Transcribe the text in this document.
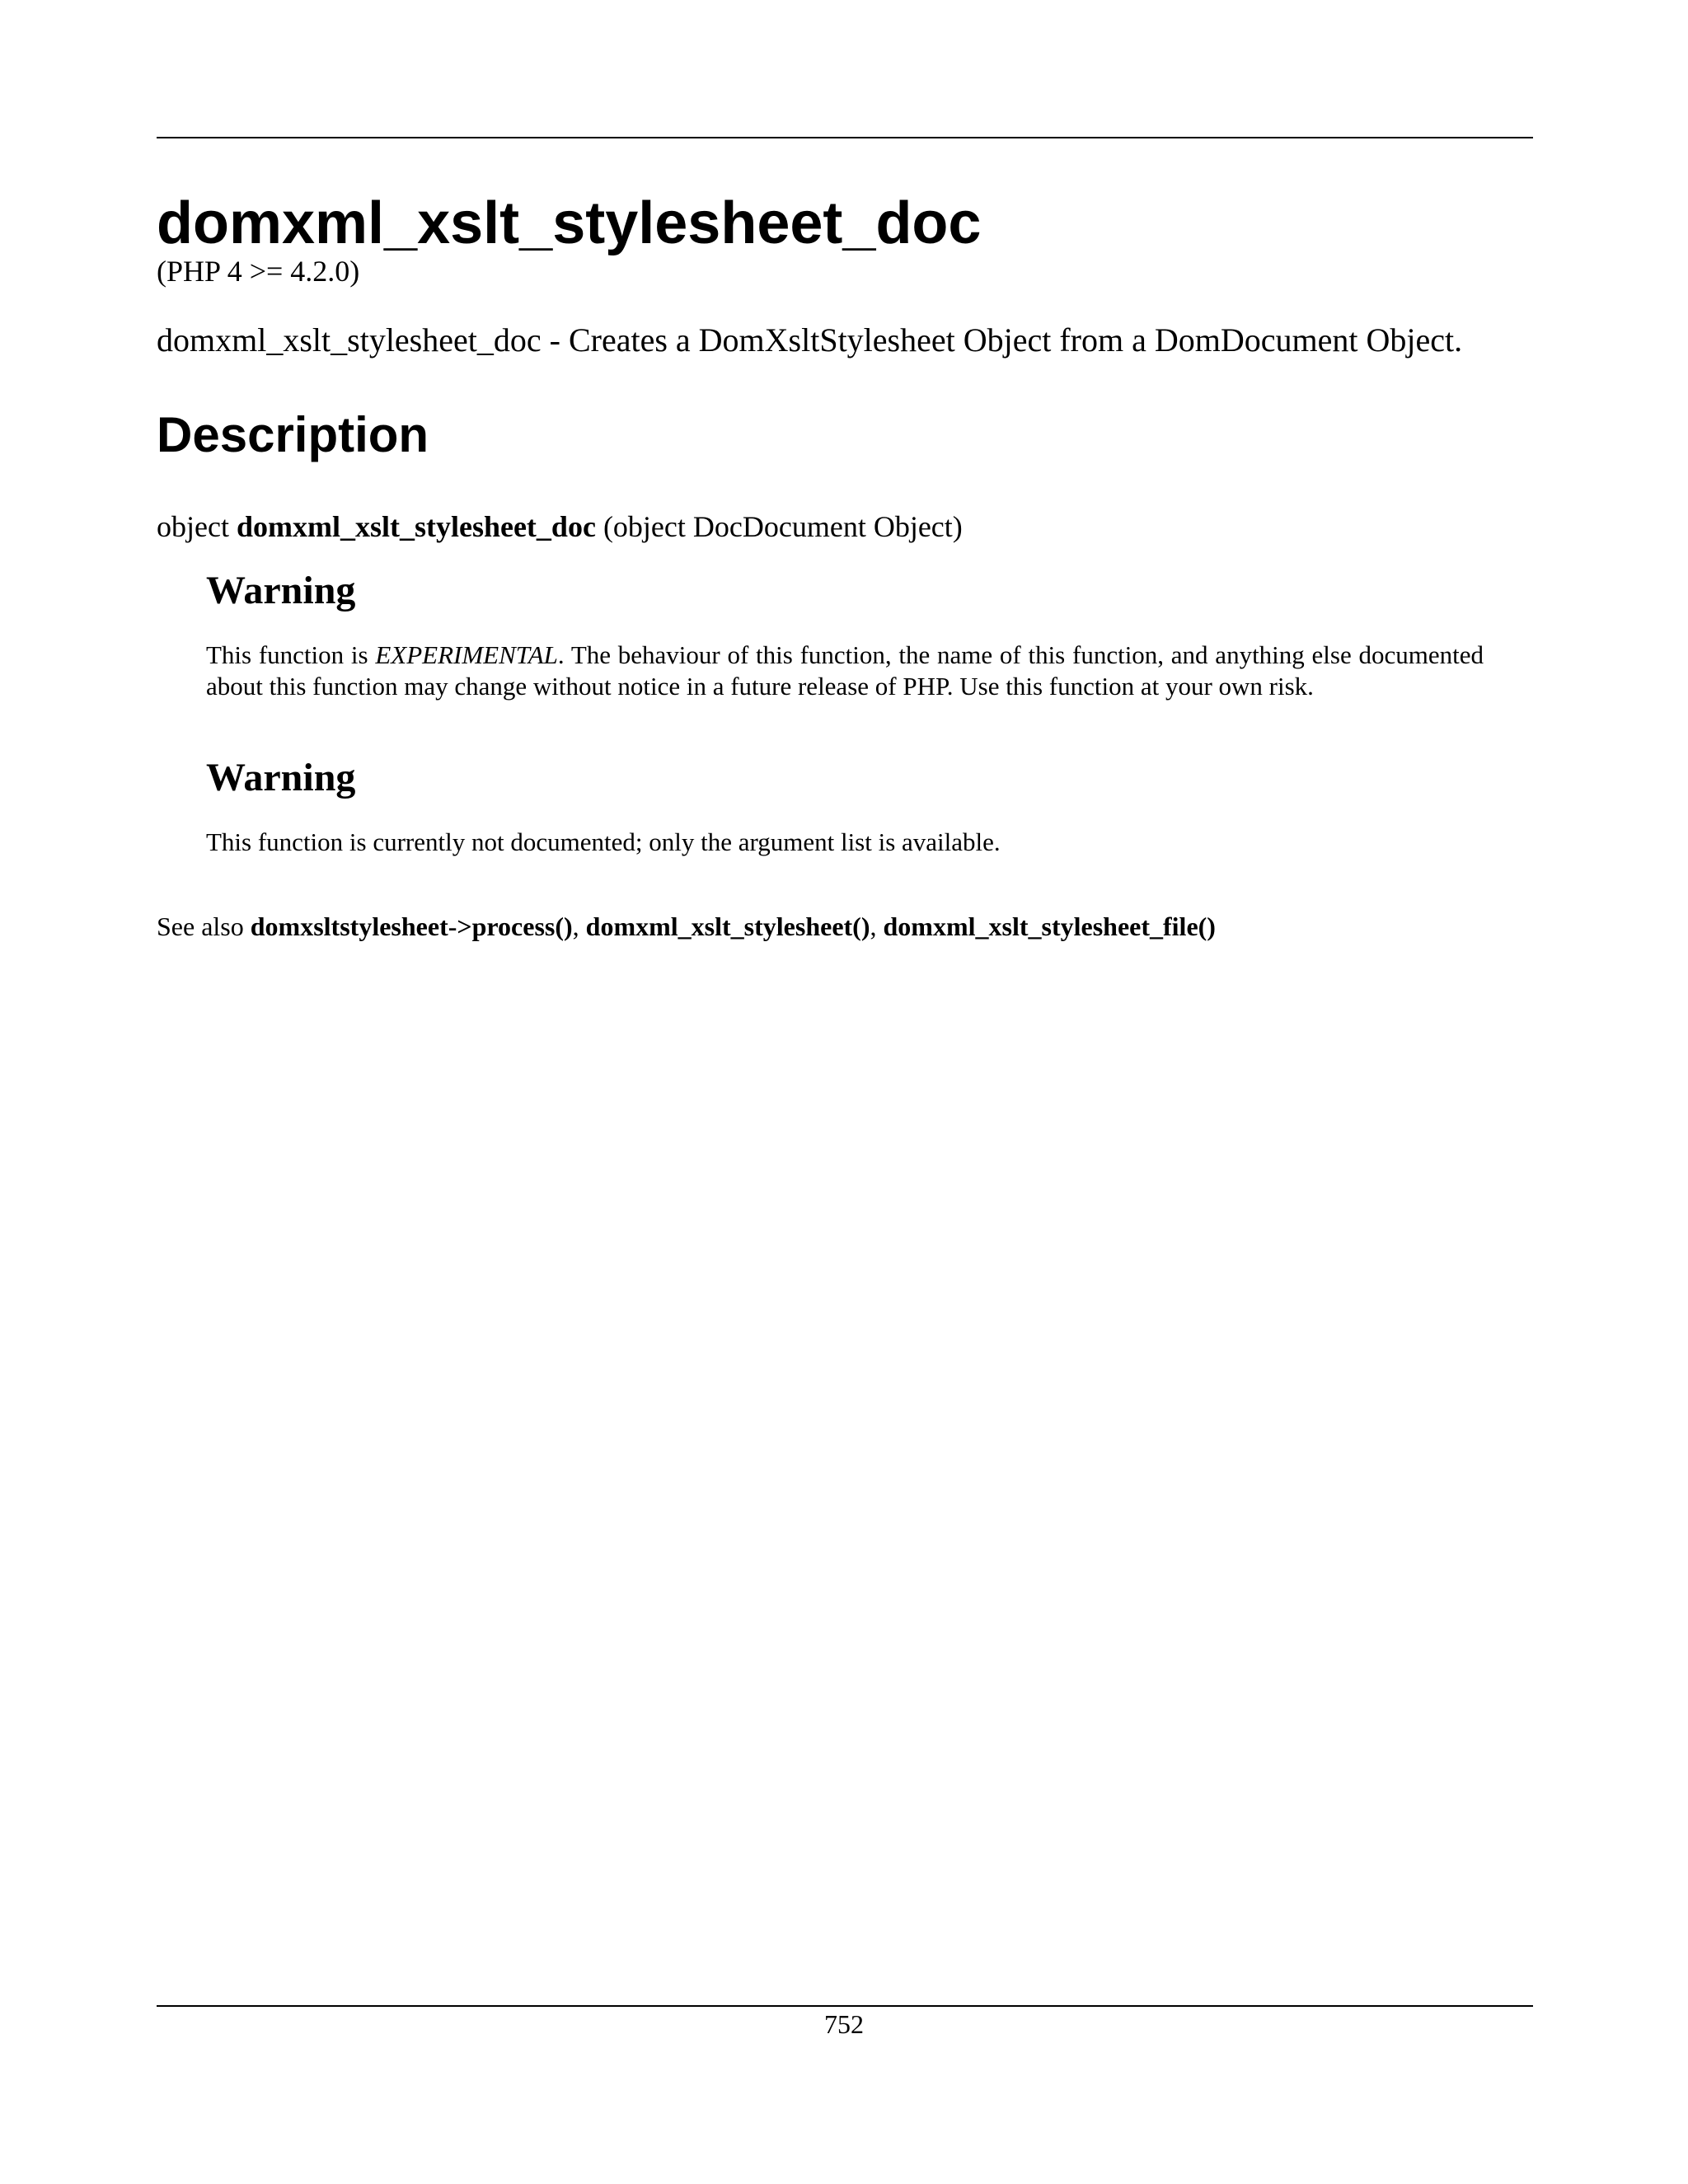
domxml_xslt_stylesheet_doc
(PHP 4 >= 4.2.0)
domxml_xslt_stylesheet_doc - Creates a DomXsltStylesheet Object from a DomDocument Object.
Description
object domxml_xslt_stylesheet_doc (object DocDocument Object)
Warning
This function is EXPERIMENTAL. The behaviour of this function, the name of this function, and anything else documented about this function may change without notice in a future release of PHP. Use this function at your own risk.
Warning
This function is currently not documented; only the argument list is available.
See also domxsltstylesheet->process(), domxml_xslt_stylesheet(), domxml_xslt_stylesheet_file()
752
